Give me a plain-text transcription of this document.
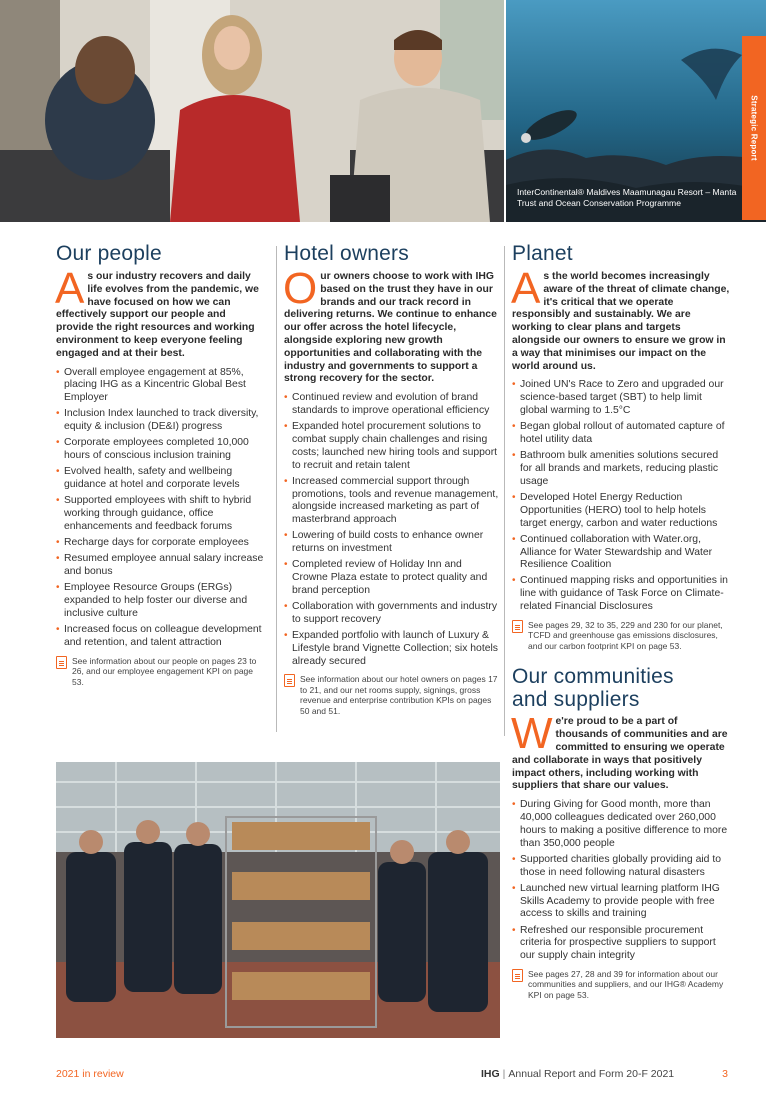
Strategic Report
InterContinental® Maldives Maamunagau Resort – Manta Trust and Ocean Conservation Programme
Our people

As our industry recovers and daily life evolves from the pandemic, we have focused on how we can effectively support our people and provide the right resources and working environment to keep everyone feeling engaged and at their best.

• Overall employee engagement at 85%, placing IHG as a Kincentric Global Best Employer
• Inclusion Index launched to track diversity, equity & inclusion (DE&I) progress
• Corporate employees completed 10,000 hours of conscious inclusion training
• Evolved health, safety and wellbeing guidance at hotel and corporate levels
• Supported employees with shift to hybrid working through guidance, office enhancements and feedback forums
• Recharge days for corporate employees
• Resumed employee annual salary increase and bonus
• Employee Resource Groups (ERGs) expanded to help foster our diverse and inclusive culture
• Increased focus on colleague development and retention, and talent attraction
See information about our people on pages 23 to 26, and our employee engagement KPI on page 53.
Hotel owners

Our owners choose to work with IHG based on the trust they have in our brands and our track record in delivering returns. We continue to enhance our offer across the hotel lifecycle, alongside exploring new growth opportunities and collaborating with the industry and governments to support a strong recovery for the sector.

• Continued review and evolution of brand standards to improve operational efficiency
• Expanded hotel procurement solutions to combat supply chain challenges and rising costs; launched new hiring tools and support to recruit and retain talent
• Increased commercial support through promotions, tools and revenue management, alongside increased marketing as part of masterbrand approach
• Lowering of build costs to enhance owner returns on investment
• Completed review of Holiday Inn and Crowne Plaza estate to protect quality and brand perception
• Collaboration with governments and industry to support recovery
• Expanded portfolio with launch of Luxury & Lifestyle brand Vignette Collection; six hotels already secured
See information about our hotel owners on pages 17 to 21, and our net rooms supply, signings, gross revenue and enterprise contribution KPIs on pages 50 and 51.
Planet

As the world becomes increasingly aware of the threat of climate change, it's critical that we operate responsibly and sustainably. We are working to clear plans and targets alongside our owners to ensure we grow in a way that minimises our impact on the world around us.

• Joined UN's Race to Zero and upgraded our science-based target (SBT) to help limit global warming to 1.5°C
• Began global rollout of automated capture of hotel utility data
• Bathroom bulk amenities solutions secured for all brands and markets, reducing plastic usage
• Developed Hotel Energy Reduction Opportunities (HERO) tool to help hotels target energy, carbon and water reductions
• Continued collaboration with Water.org, Alliance for Water Stewardship and Water Resilience Coalition
• Continued mapping risks and opportunities in line with guidance of Task Force on Climate-related Financial Disclosures
See pages 29, 32 to 35, 229 and 230 for our planet, TCFD and greenhouse gas emissions disclosures, and our carbon footprint KPI on page 53.
Our communities
and suppliers

We're proud to be a part of thousands of communities and are committed to ensuring we operate and collaborate in ways that positively impact others, including working with suppliers that share our values.

• During Giving for Good month, more than 40,000 colleagues dedicated over 260,000 hours to making a positive difference to more than 350,000 people
• Supported charities globally providing aid to those in need following natural disasters
• Launched new virtual learning platform IHG Skills Academy to provide people with free access to skills and training
• Refreshed our responsible procurement criteria for prospective suppliers to support our supply chain integrity
See pages 27, 28 and 39 for information about our communities and suppliers, and our IHG® Academy KPI on page 53.
2021 in review	IHG | Annual Report and Form 20-F 2021	3
